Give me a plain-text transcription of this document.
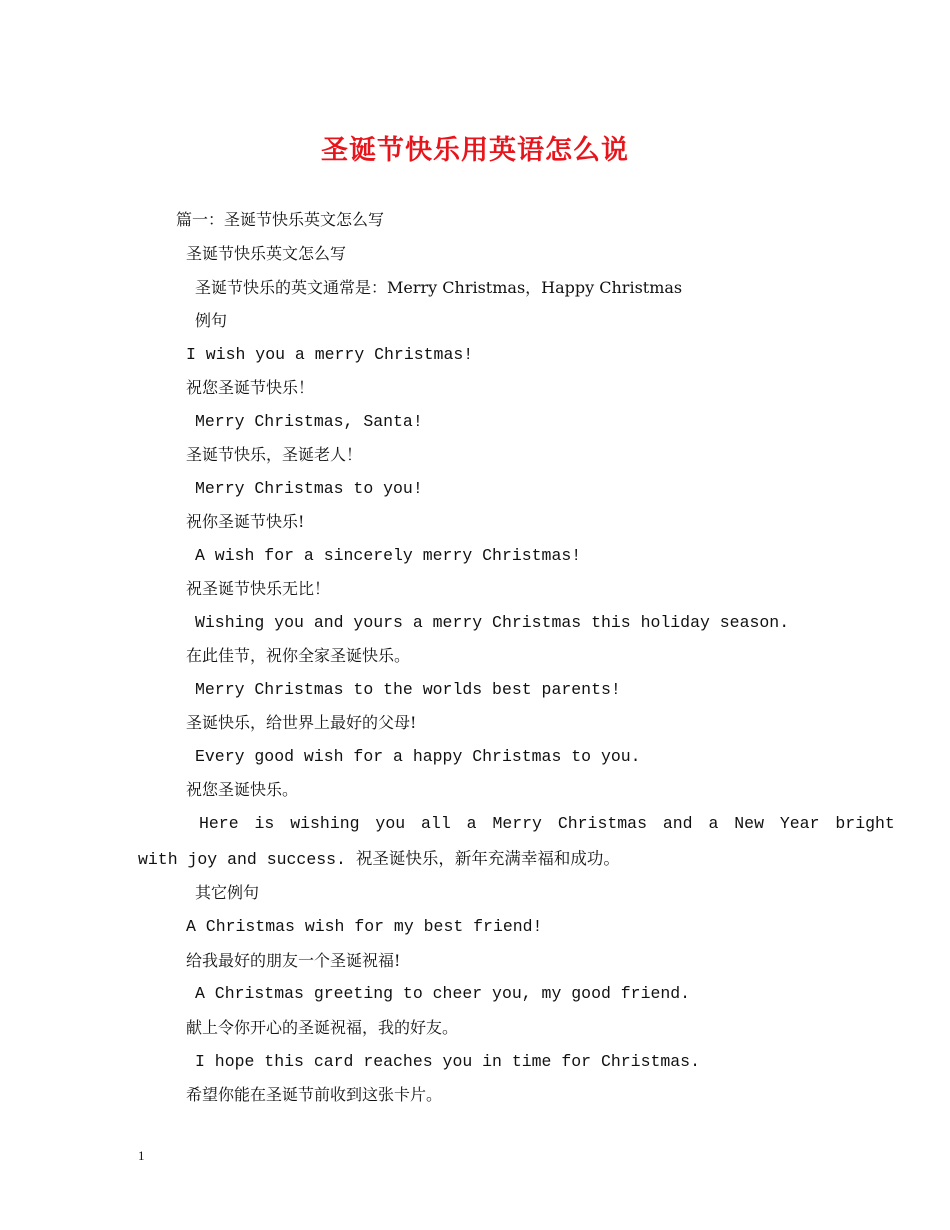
圣诞节快乐用英语怎么说
篇一：圣诞节快乐英文怎么写
圣诞节快乐英文怎么写
圣诞节快乐的英文通常是：Merry Christmas，Happy Christmas
例句
I wish you a merry Christmas!
祝您圣诞节快乐！
Merry Christmas, Santa!
圣诞节快乐，圣诞老人！
Merry Christmas to you!
祝你圣诞节快乐!
A wish for a sincerely merry Christmas!
祝圣诞节快乐无比！
Wishing you and yours a merry Christmas this holiday season.
在此佳节，祝你全家圣诞快乐。
Merry Christmas to the worlds best parents!
圣诞快乐，给世界上最好的父母!
Every good wish for a happy Christmas to you.
祝您圣诞快乐。
Here is wishing you all a Merry Christmas and a New Year bright
with joy and success. 祝圣诞快乐，新年充满幸福和成功。
其它例句
A Christmas wish for my best friend!
给我最好的朋友一个圣诞祝福!
A Christmas greeting to cheer you, my good friend.
献上令你开心的圣诞祝福，我的好友。
I hope this card reaches you in time for Christmas.
希望你能在圣诞节前收到这张卡片。
1
